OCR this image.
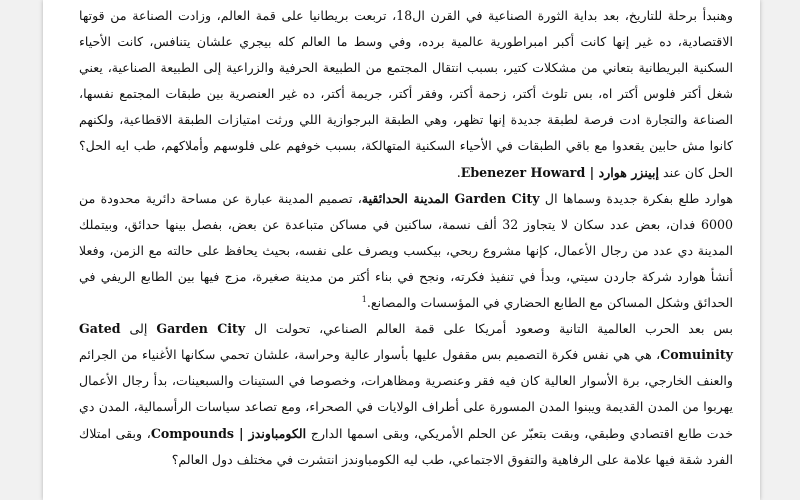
وهنبدأ برحلة للتاريخ، بعد بداية الثورة الصناعية في القرن ال18، تربعت بريطانيا على قمة العالم، وزادت الصناعة من قوتها الاقتصادية، ده غير إنها كانت أكبر امبراطورية عالمية برده، وفي وسط ما العالم كله بيجري علشان يتنافس، كانت الأحياء السكنية البريطانية بتعاني من مشكلات كتير، بسبب انتقال المجتمع من الطبيعة الحرفية والزراعية إلى الطبيعة الصناعية، يعني شغل أكتر فلوس أكتر اه، بس تلوث أكتر، زحمة أكتر، وفقر أكتر، جريمة أكتر، ده غير العنصرية بين طبقات المجتمع نفسها، الصناعة والتجارة ادت فرصة لطبقة جديدة إنها تظهر، وهي الطبقة البرجوازية اللي ورثت امتيازات الطبقة الاقطاعية، ولكنهم كانوا مش حابين يقعدوا مع باقي الطبقات في الأحياء السكنية المتهالكة، بسبب خوفهم على فلوسهم وأملاكهم، طب ايه الحل؟ الحل كان عند إبينزر هوارد | Ebenezer Howard.

هوارد طلع بفكرة جديدة وسماها ال Garden City المدينة الحدائقية، تصميم المدينة عبارة عن مساحة دائرية محدودة من 6000 فدان، بعض عدد سكان لا يتجاوز 32 ألف نسمة، ساكنين في مساكن متباعدة عن بعض، بفصل بينها حدائق، وبيتملك المدينة دي عدد من رجال الأعمال، كإنها مشروع ربحي، بيكسب ويصرف على نفسه، بحيث يحافظ على حالته مع الزمن، وفعلا أنشأ هوارد شركة جاردن سيتي، وبدأ في تنفيذ فكرته، ونجح في بناء أكتر من مدينة صغيرة، مزج فيها بين الطابع الريفي في الحدائق وشكل المساكن مع الطابع الحضاري في المؤسسات والمصانع.$^1$

بس بعد الحرب العالمية التانية وصعود أمريكا على قمة العالم الصناعي، تحولت ال Garden City إلى Gated Comuinity، هي هي نفس فكرة التصميم بس مقفول عليها بأسوار عالية وحراسة، علشان تحمي سكانها الأغنياء من الجرائم والعنف الخارجي، برة الأسوار العالية كان فيه فقر وعنصرية ومظاهرات، وخصوصا في الستينات والسبعينات، بدأ رجال الأعمال يهربوا من المدن القديمة ويبنوا المدن المسورة على أطراف الولايات في الصحراء، ومع تصاعد سياسات الرأسمالية، المدن دي خدت طابع اقتصادي وطبقي، وبقت بتعبّر عن الحلم الأمريكي، وبقى اسمها الدارج الكومباوندز | Compounds، وبقى امتلاك الفرد شقة فيها علامة على الرفاهية والتفوق الاجتماعي، طب ليه الكومباوندز انتشرت في مختلف دول العالم؟
